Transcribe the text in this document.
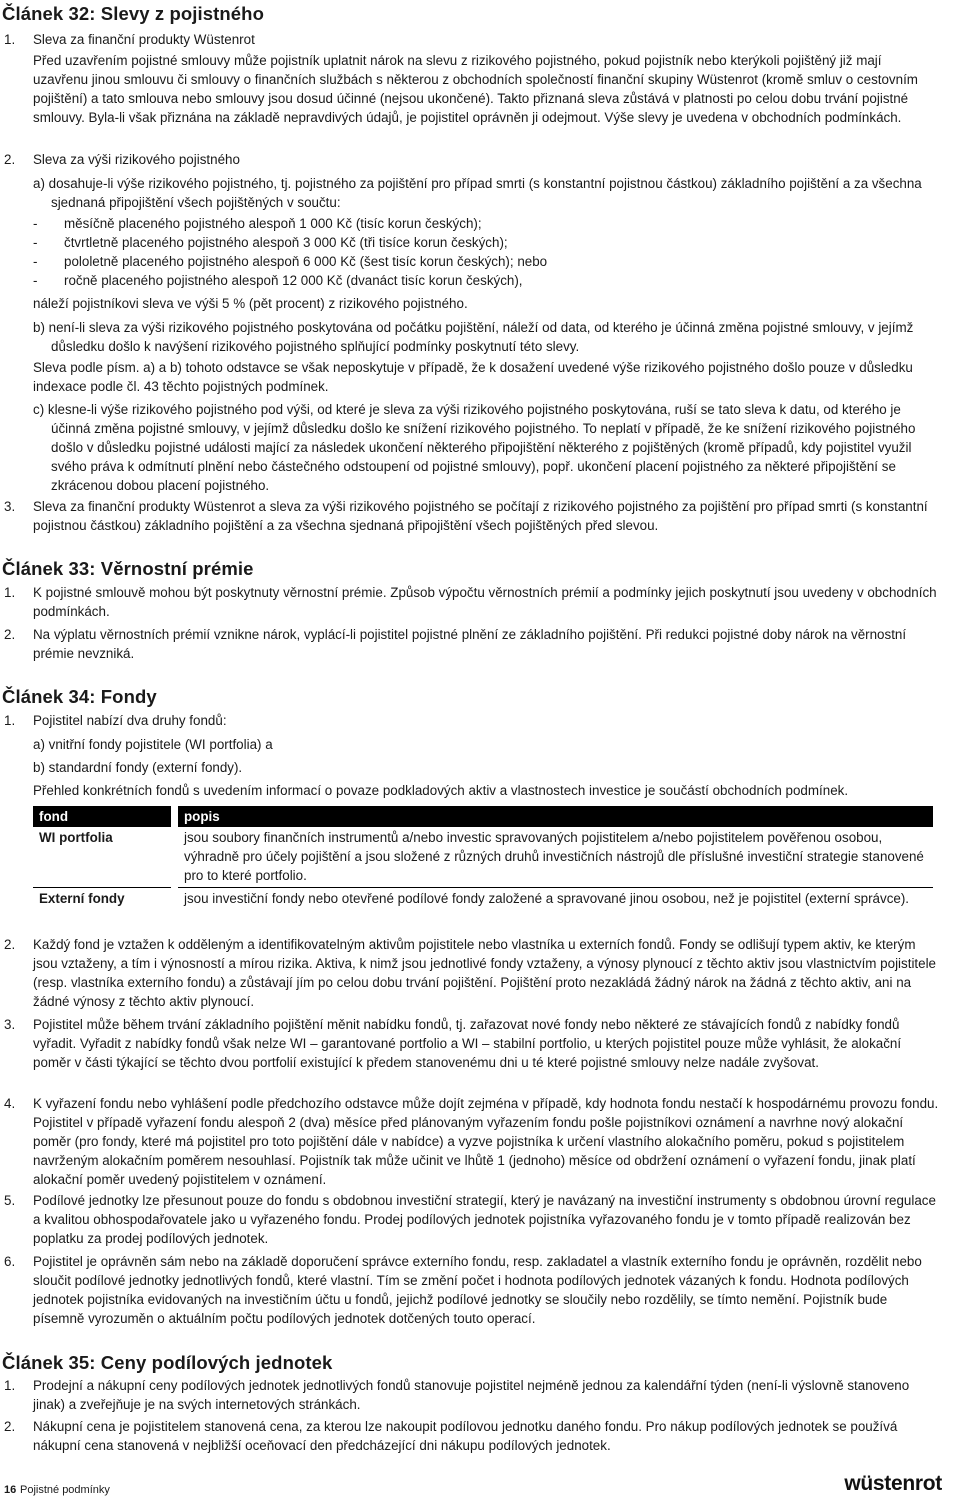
Článek 32: Slevy z pojistného
1. Sleva za finanční produkty Wüstenrot

Před uzavřením pojistné smlouvy může pojistník uplatnit nárok na slevu z rizikového pojistného, pokud pojistník nebo kterýkoli pojištěný již mají uzavřenu jinou smlouvu či smlouvy o finančních službách s některou z obchodních společností finanční skupiny Wüstenrot (kromě smluv o cestovním pojištění) a tato smlouva nebo smlouvy jsou dosud účinné (nejsou ukončené). Takto přiznaná sleva zůstává v platnosti po celou dobu trvání pojistné smlouvy. Byla-li však přiznána na základě nepravdivých údajů, je pojistitel oprávněn ji odejmout. Výše slevy je uvedena v obchodních podmínkách.

2. Sleva za výši rizikového pojistného

a) dosahuje-li výše rizikového pojistného, tj. pojistného za pojištění pro případ smrti (s konstantní pojistnou částkou) základního pojištění a za všechna sjednaná připojištění všech pojištěných v součtu:

- měsíčně placeného pojistného alespoň 1 000 Kč (tisíc korun českých);

- čtvrtletně placeného pojistného alespoň 3 000 Kč (tři tisíce korun českých);

- pololetně placeného pojistného alespoň 6 000 Kč (šest tisíc korun českých); nebo

- ročně placeného pojistného alespoň 12 000 Kč (dvanáct tisíc korun českých),

náleží pojistníkovi sleva ve výši 5 % (pět procent) z rizikového pojistného.

b) není-li sleva za výši rizikového pojistného poskytována od počátku pojištění, náleží od data, od kterého je účinná změna pojistné smlouvy, v jejímž důsledku došlo k navýšení rizikového pojistného splňující podmínky poskytnutí této slevy.

Sleva podle písm. a) a b) tohoto odstavce se však neposkytuje v případě, že k dosažení uvedené výše rizikového pojistného došlo pouze v důsledku indexace podle čl. 43 těchto pojistných podmínek.

c) klesne-li výše rizikového pojistného pod výši, od které je sleva za výši rizikového pojistného poskytována, ruší se tato sleva k datu, od kterého je účinná změna pojistné smlouvy, v jejímž důsledku došlo ke snížení rizikového pojistného. To neplatí v případě, že ke snížení rizikového pojistného došlo v důsledku pojistné události mající za následek ukončení některého připojištění některého z pojištěných (kromě případů, kdy pojistitel využil svého práva k odmítnutí plnění nebo částečného odstoupení od pojistné smlouvy), popř. ukončení placení pojistného za některé připojištění se zkrácenou dobou placení pojistného.

3. Sleva za finanční produkty Wüstenrot a sleva za výši rizikového pojistného se počítají z rizikového pojistného za pojištění pro případ smrti (s konstantní pojistnou částkou) základního pojištění a za všechna sjednaná připojištění všech pojištěných před slevou.

Článek 33: Věrnostní prémie
1. K pojistné smlouvě mohou být poskytnuty věrnostní prémie. Způsob výpočtu věrnostních prémií a podmínky jejich poskytnutí jsou uvedeny v obchodních podmínkách.

2. Na výplatu věrnostních prémií vznikne nárok, vyplácí-li pojistitel pojistné plnění ze základního pojištění. Při redukci pojistné doby nárok na věrnostní prémie nevzniká.

Článek 34: Fondy
1. Pojistitel nabízí dva druhy fondů:

a) vnitřní fondy pojistitele (WI portfolia) a

b) standardní fondy (externí fondy).

Přehled konkrétních fondů s uvedením informací o povaze podkladových aktiv a vlastnostech investice je součástí obchodních podmínek.

fond	popis
WI portfolia	jsou soubory finančních instrumentů a/nebo investic spravovaných pojistitelem a/nebo pojistitelem pověřenou osobou, výhradně pro účely pojištění a jsou složené z různých druhů investičních nástrojů dle příslušné investiční strategie stanovené pro to které portfolio.
Externí fondy	jsou investiční fondy nebo otevřené podílové fondy založené a spravované jinou osobou, než je pojistitel (externí správce).
2. Každý fond je vztažen k odděleným a identifikovatelným aktivům pojistitele nebo vlastníka u externích fondů. Fondy se odlišují typem aktiv, ke kterým jsou vztaženy, a tím i výnosností a mírou rizika. Aktiva, k nimž jsou jednotlivé fondy vztaženy, a výnosy plynoucí z těchto aktiv jsou vlastnictvím pojistitele (resp. vlastníka externího fondu) a zůstávají jím po celou dobu trvání pojištění. Pojištění proto nezakládá žádný nárok na žádná z těchto aktiv, ani na žádné výnosy z těchto aktiv plynoucí.

3. Pojistitel může během trvání základního pojištění měnit nabídku fondů, tj. zařazovat nové fondy nebo některé ze stávajících fondů z nabídky fondů vyřadit. Vyřadit z nabídky fondů však nelze WI – garantované portfolio a WI – stabilní portfolio, u kterých pojistitel pouze může vyhlásit, že alokační poměr v části týkající se těchto dvou portfolií existující k předem stanovenému dni u té které pojistné smlouvy nelze nadále zvyšovat.

4. K vyřazení fondu nebo vyhlášení podle předchozího odstavce může dojít zejména v případě, kdy hodnota fondu nestačí k hospodárnému provozu fondu. Pojistitel v případě vyřazení fondu alespoň 2 (dva) měsíce před plánovaným vyřazením fondu pošle pojistníkovi oznámení a navrhne nový alokační poměr (pro fondy, které má pojistitel pro toto pojištění dále v nabídce) a vyzve pojistníka k určení vlastního alokačního poměru, pokud s pojistitelem navrženým alokačním poměrem nesouhlasí. Pojistník tak může učinit ve lhůtě 1 (jednoho) měsíce od obdržení oznámení o vyřazení fondu, jinak platí alokační poměr uvedený pojistitelem v oznámení.

5. Podílové jednotky lze přesunout pouze do fondu s obdobnou investiční strategií, který je navázaný na investiční instrumenty s obdobnou úrovní regulace a kvalitou obhospodařovatele jako u vyřazeného fondu. Prodej podílových jednotek pojistníka vyřazovaného fondu je v tomto případě realizován bez poplatku za prodej podílových jednotek.

6. Pojistitel je oprávněn sám nebo na základě doporučení správce externího fondu, resp. zakladatel a vlastník externího fondu je oprávněn, rozdělit nebo sloučit podílové jednotky jednotlivých fondů, které vlastní. Tím se změní počet i hodnota podílových jednotek vázaných k fondu. Hodnota podílových jednotek pojistníka evidovaných na investičním účtu u fondů, jejichž podílové jednotky se sloučily nebo rozdělily, se tímto nemění. Pojistník bude písemně vyrozuměn o aktuálním počtu podílových jednotek dotčených touto operací.

Článek 35: Ceny podílových jednotek
1. Prodejní a nákupní ceny podílových jednotek jednotlivých fondů stanovuje pojistitel nejméně jednou za kalendářní týden (není-li výslovně stanoveno jinak) a zveřejňuje je na svých internetových stránkách.

2. Nákupní cena je pojistitelem stanovená cena, za kterou lze nakoupit podílovou jednotku daného fondu. Pro nákup podílových jednotek se používá nákupní cena stanovená v nejbližší oceňovací den předcházející dni nákupu podílových jednotek.

16 Pojistné podmínky	wüstenrot
